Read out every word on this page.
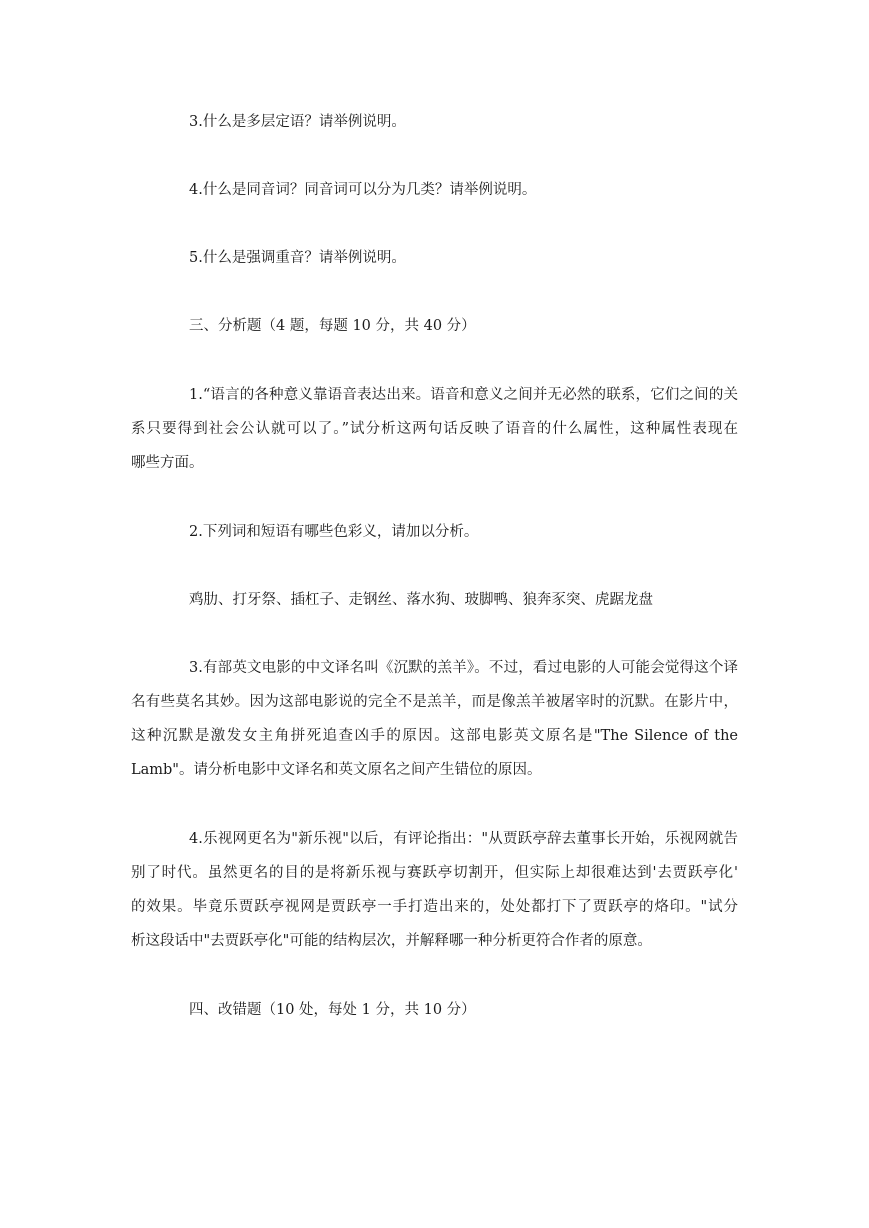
3.什么是多层定语？请举例说明。

4.什么是同音词？同音词可以分为几类？请举例说明。

5.什么是强调重音？请举例说明。

三、分析题（4 题，每题 10 分，共 40 分）

1.“语言的各种意义靠语音表达出来。语音和意义之间并无必然的联系，它们之间的关
系只要得到社会公认就可以了。”试分析这两句话反映了语音的什么属性，这种属性表现在
哪些方面。

2.下列词和短语有哪些色彩义，请加以分析。

鸡肋、打牙祭、插杠子、走钢丝、落水狗、玻脚鸭、狼奔豕突、虎踞龙盘

3.有部英文电影的中文译名叫《沉默的羔羊》。不过，看过电影的人可能会觉得这个译
名有些莫名其妙。因为这部电影说的完全不是羔羊，而是像羔羊被屠宰时的沉默。在影片中，
这种沉默是激发女主角拼死追查凶手的原因。这部电影英文原名是"The Silence of the
Lamb"。请分析电影中文译名和英文原名之间产生错位的原因。

4.乐视网更名为"新乐视"以后，有评论指出："从贾跃亭辞去董事长开始，乐视网就告
别了时代。虽然更名的目的是将新乐视与赛跃亭切割开，但实际上却很难达到'去贾跃亭化'
的效果。毕竟乐贾跃亭视网是贾跃亭一手打造出来的，处处都打下了贾跃亭的烙印。"试分
析这段话中"去贾跃亭化"可能的结构层次，并解释哪一种分析更符合作者的原意。

四、改错题（10 处，每处 1 分，共 10 分）
